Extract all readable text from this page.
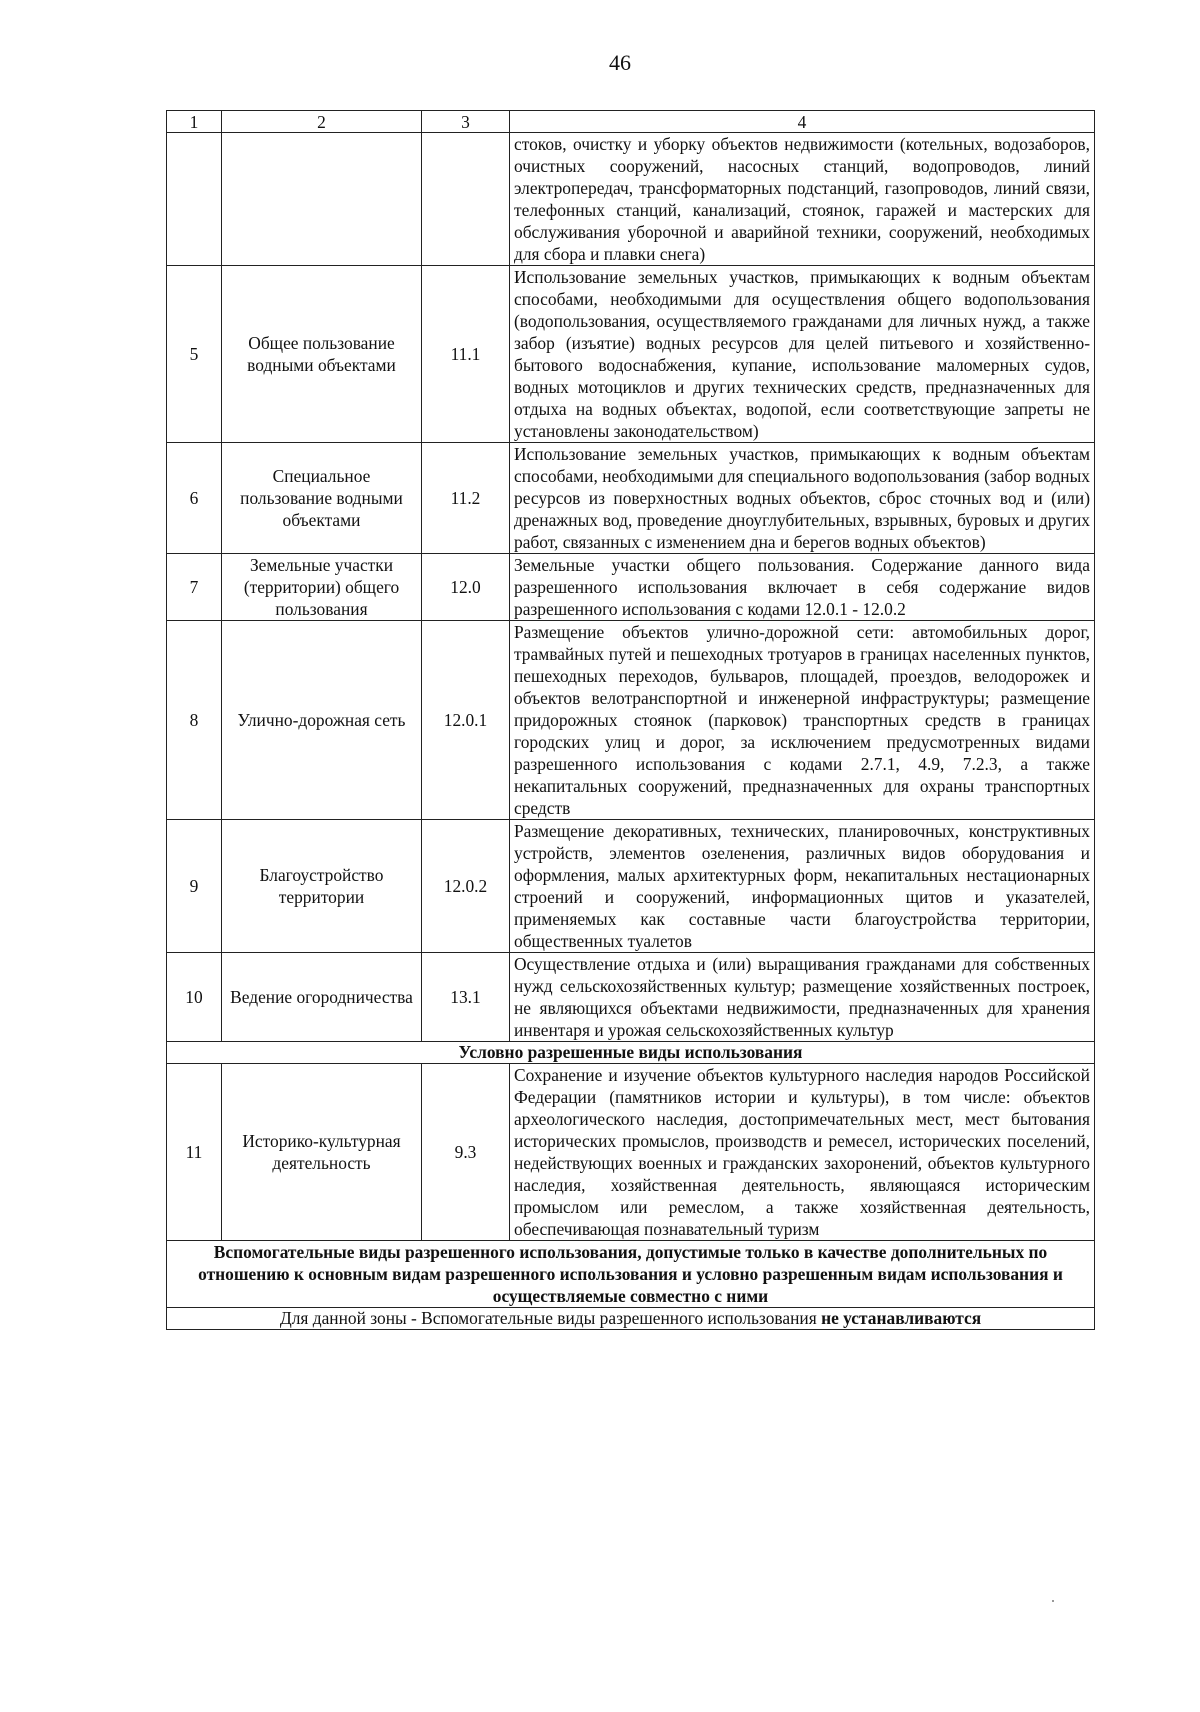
46
1	2	3	4
			стоков, очистку и уборку объектов недвижимости (котельных, водозаборов, очистных сооружений, насосных станций, водопроводов, линий электропередач, трансформаторных подстанций, газопроводов, линий связи, телефонных станций, канализаций, стоянок, гаражей и мастерских для обслуживания уборочной и аварийной техники, сооружений, необходимых для сбора и плавки снега)
5	Общее пользование водными объектами	11.1	Использование земельных участков, примыкающих к водным объектам способами, необходимыми для осуществления общего водопользования (водопользования, осуществляемого гражданами для личных нужд, а также забор (изъятие) водных ресурсов для целей питьевого и хозяйственно-бытового водоснабжения, купание, использование маломерных судов, водных мотоциклов и других технических средств, предназначенных для отдыха на водных объектах, водопой, если соответствующие запреты не установлены законодательством)
6	Специальное пользование водными объектами	11.2	Использование земельных участков, примыкающих к водным объектам способами, необходимыми для специального водопользования (забор водных ресурсов из поверхностных водных объектов, сброс сточных вод и (или) дренажных вод, проведение дноуглубительных, взрывных, буровых и других работ, связанных с изменением дна и берегов водных объектов)
7	Земельные участки (территории) общего пользования	12.0	Земельные участки общего пользования. Содержание данного вида разрешенного использования включает в себя содержание видов разрешенного использования с кодами 12.0.1 - 12.0.2
8	Улично-дорожная сеть	12.0.1	Размещение объектов улично-дорожной сети: автомобильных дорог, трамвайных путей и пешеходных тротуаров в границах населенных пунктов, пешеходных переходов, бульваров, площадей, проездов, велодорожек и объектов велотранспортной и инженерной инфраструктуры; размещение придорожных стоянок (парковок) транспортных средств в границах городских улиц и дорог, за исключением предусмотренных видами разрешенного использования с кодами 2.7.1, 4.9, 7.2.3, а также некапитальных сооружений, предназначенных для охраны транспортных средств
9	Благоустройство территории	12.0.2	Размещение декоративных, технических, планировочных, конструктивных устройств, элементов озеленения, различных видов оборудования и оформления, малых архитектурных форм, некапитальных нестационарных строений и сооружений, информационных щитов и указателей, применяемых как составные части благоустройства территории, общественных туалетов
10	Ведение огородничества	13.1	Осуществление отдыха и (или) выращивания гражданами для собственных нужд сельскохозяйственных культур; размещение хозяйственных построек, не являющихся объектами недвижимости, предназначенных для хранения инвентаря и урожая сельскохозяйственных культур
Условно разрешенные виды использования			
11	Историко-культурная деятельность	9.3	Сохранение и изучение объектов культурного наследия народов Российской Федерации (памятников истории и культуры), в том числе: объектов археологического наследия, достопримечательных мест, мест бытования исторических промыслов, производств и ремесел, исторических поселений, недействующих военных и гражданских захоронений, объектов культурного наследия, хозяйственная деятельность, являющаяся историческим промыслом или ремеслом, а также хозяйственная деятельность, обеспечивающая познавательный туризм
Вспомогательные виды разрешенного использования, допустимые только в качестве дополнительных по отношению к основным видам разрешенного использования и условно разрешенным видам использования и осуществляемые совместно с ними			
Для данной зоны - Вспомогательные виды разрешенного использования не устанавливаются			
